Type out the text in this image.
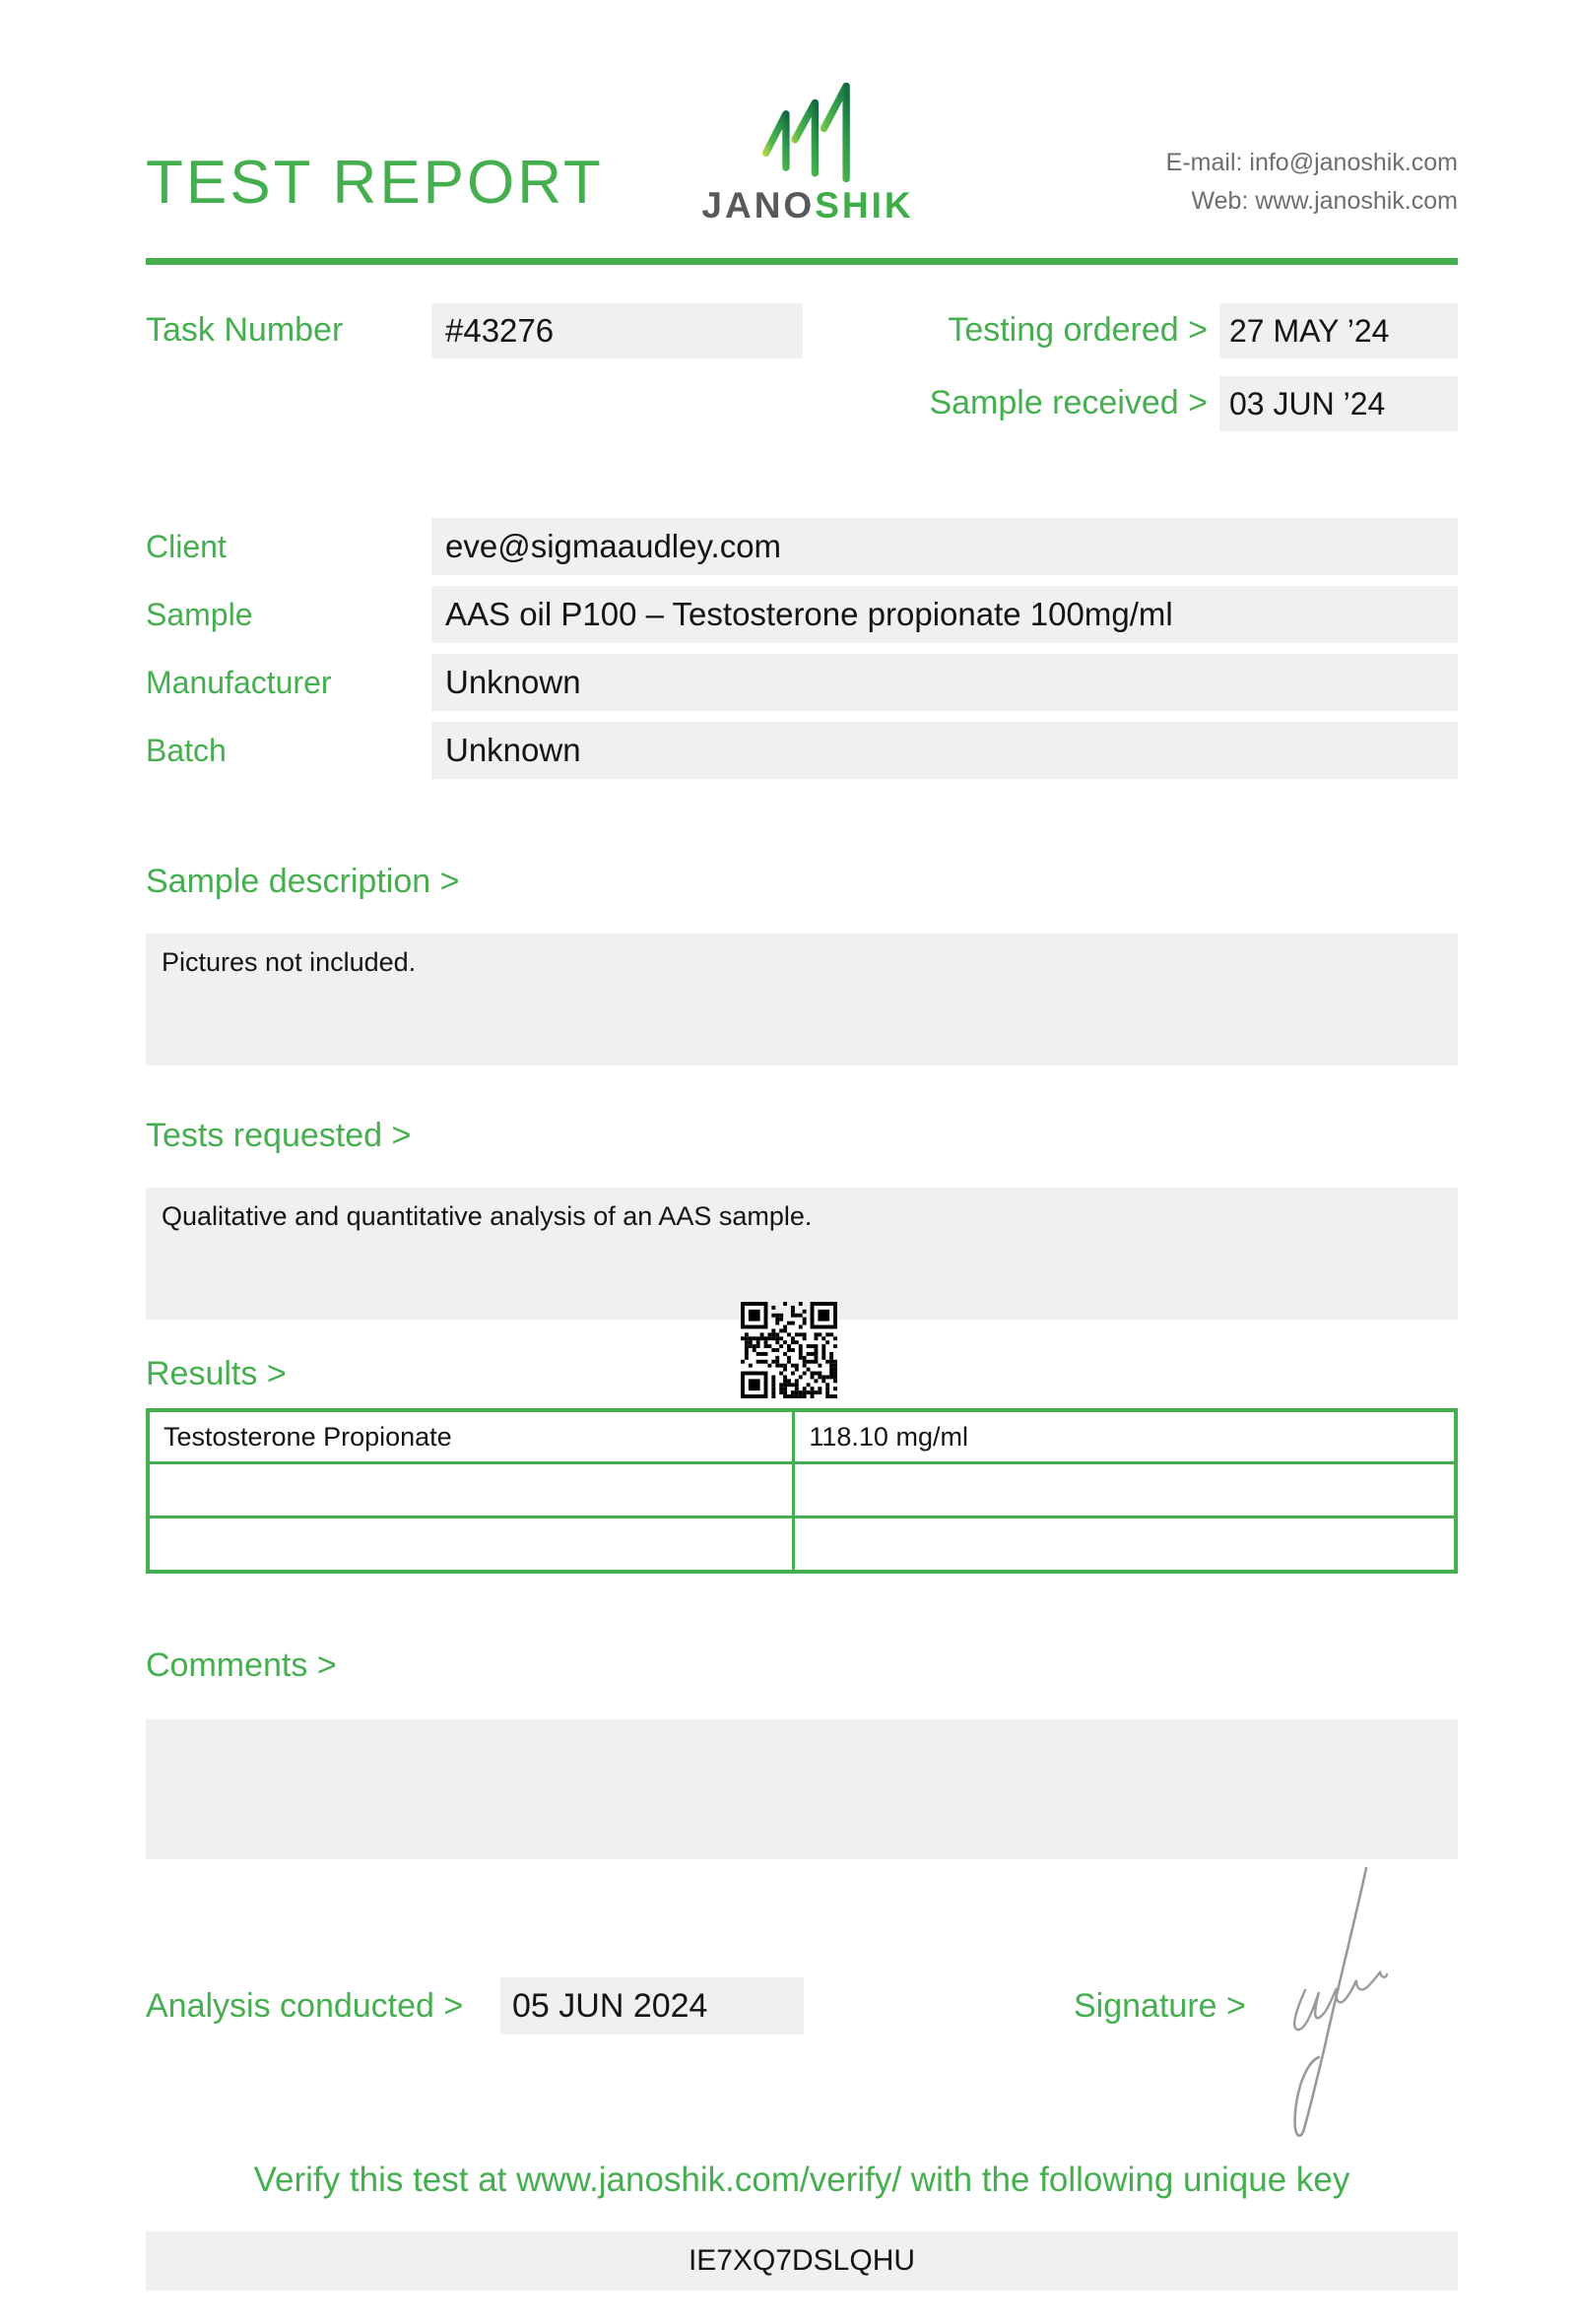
TEST REPORT	JANOSHIK
E-mail: info@janoshik.com
Web: www.janoshik.com
Task Number	#43276	Testing ordered > 27 MAY ’24
Sample received > 03 JUN ’24
Client	eve@sigmaaudley.com
Sample	AAS oil P100 – Testosterone propionate 100mg/ml
Manufacturer	Unknown
Batch	Unknown
Sample description >
Pictures not included.
Tests requested >
Qualitative and quantitative analysis of an AAS sample.
Results >
Testosterone Propionate	118.10 mg/ml
Comments >
Analysis conducted >	05 JUN 2024	Signature >
Verify this test at www.janoshik.com/verify/ with the following unique key
IE7XQ7DSLQHU
